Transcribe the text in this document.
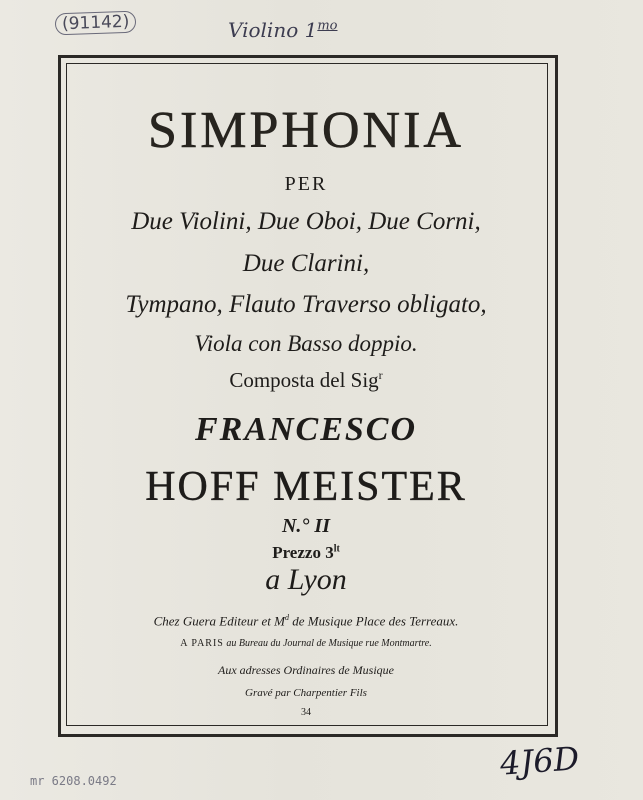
(91142)	Violino $1^{mo}$
SIMPHONIA
PER
Due Violini, Due Oboi, Due Corni,
Due Clarini,
Tympano, Flauto Traverso obligato,
Viola con Basso doppio.
Composta del Sig$^r$
FRANCESCO
HOFF MEISTER
N.° II
Prezzo $3^{lt}$
a Lyon
Chez Guera Editeur et $M^d$ de Musique Place des Terreaux.
A PARIS au Bureau du Journal de Musique rue Montmartre.
Aux adresses Ordinaires de Musique
Gravé par Charpentier Fils
34
mr 6208.0492	4J6D
